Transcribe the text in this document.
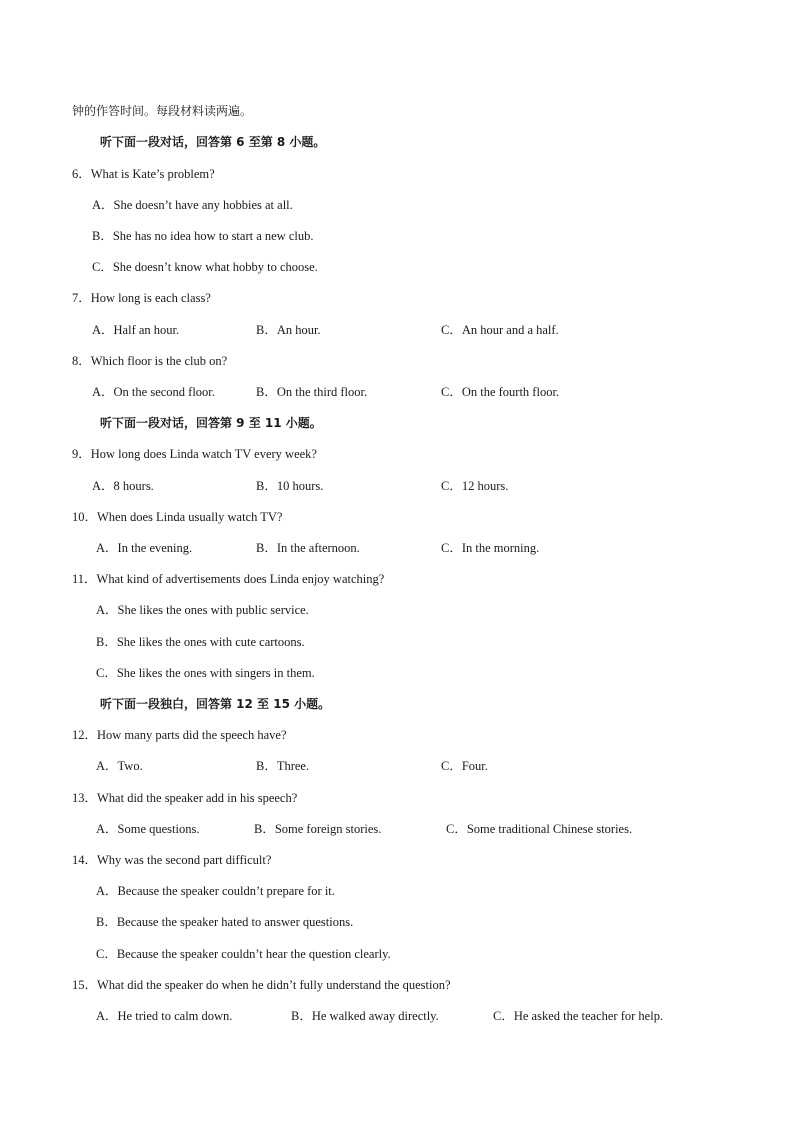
钟的作答时间。每段材料读两遍。
听下面一段对话，回答第 6 至第 8 小题。
6．What is Kate’s problem?
A．She doesn’t have any hobbies at all.
B．She has no idea how to start a new club.
C．She doesn’t know what hobby to choose.
7．How long is each class?
A．Half an hour.	B．An hour.	C．An hour and a half.
8．Which floor is the club on?
A．On the second floor.	B．On the third floor.	C．On the fourth floor.
听下面一段对话，回答第 9 至 11 小题。
9．How long does Linda watch TV every week?
A．8 hours.	B．10 hours.	C．12 hours.
10．When does Linda usually watch TV?
A．In the evening.	B．In the afternoon.	C．In the morning.
11．What kind of advertisements does Linda enjoy watching?
A．She likes the ones with public service.
B．She likes the ones with cute cartoons.
C．She likes the ones with singers in them.
听下面一段独白，回答第 12 至 15 小题。
12．How many parts did the speech have?
A．Two.	B．Three.	C．Four.
13．What did the speaker add in his speech?
A．Some questions.	B．Some foreign stories.	C．Some traditional Chinese stories.
14．Why was the second part difficult?
A．Because the speaker couldn’t prepare for it.
B．Because the speaker hated to answer questions.
C．Because the speaker couldn’t hear the question clearly.
15．What did the speaker do when he didn’t fully understand the question?
A．He tried to calm down.	B．He walked away directly.	C．He asked the teacher for help.
